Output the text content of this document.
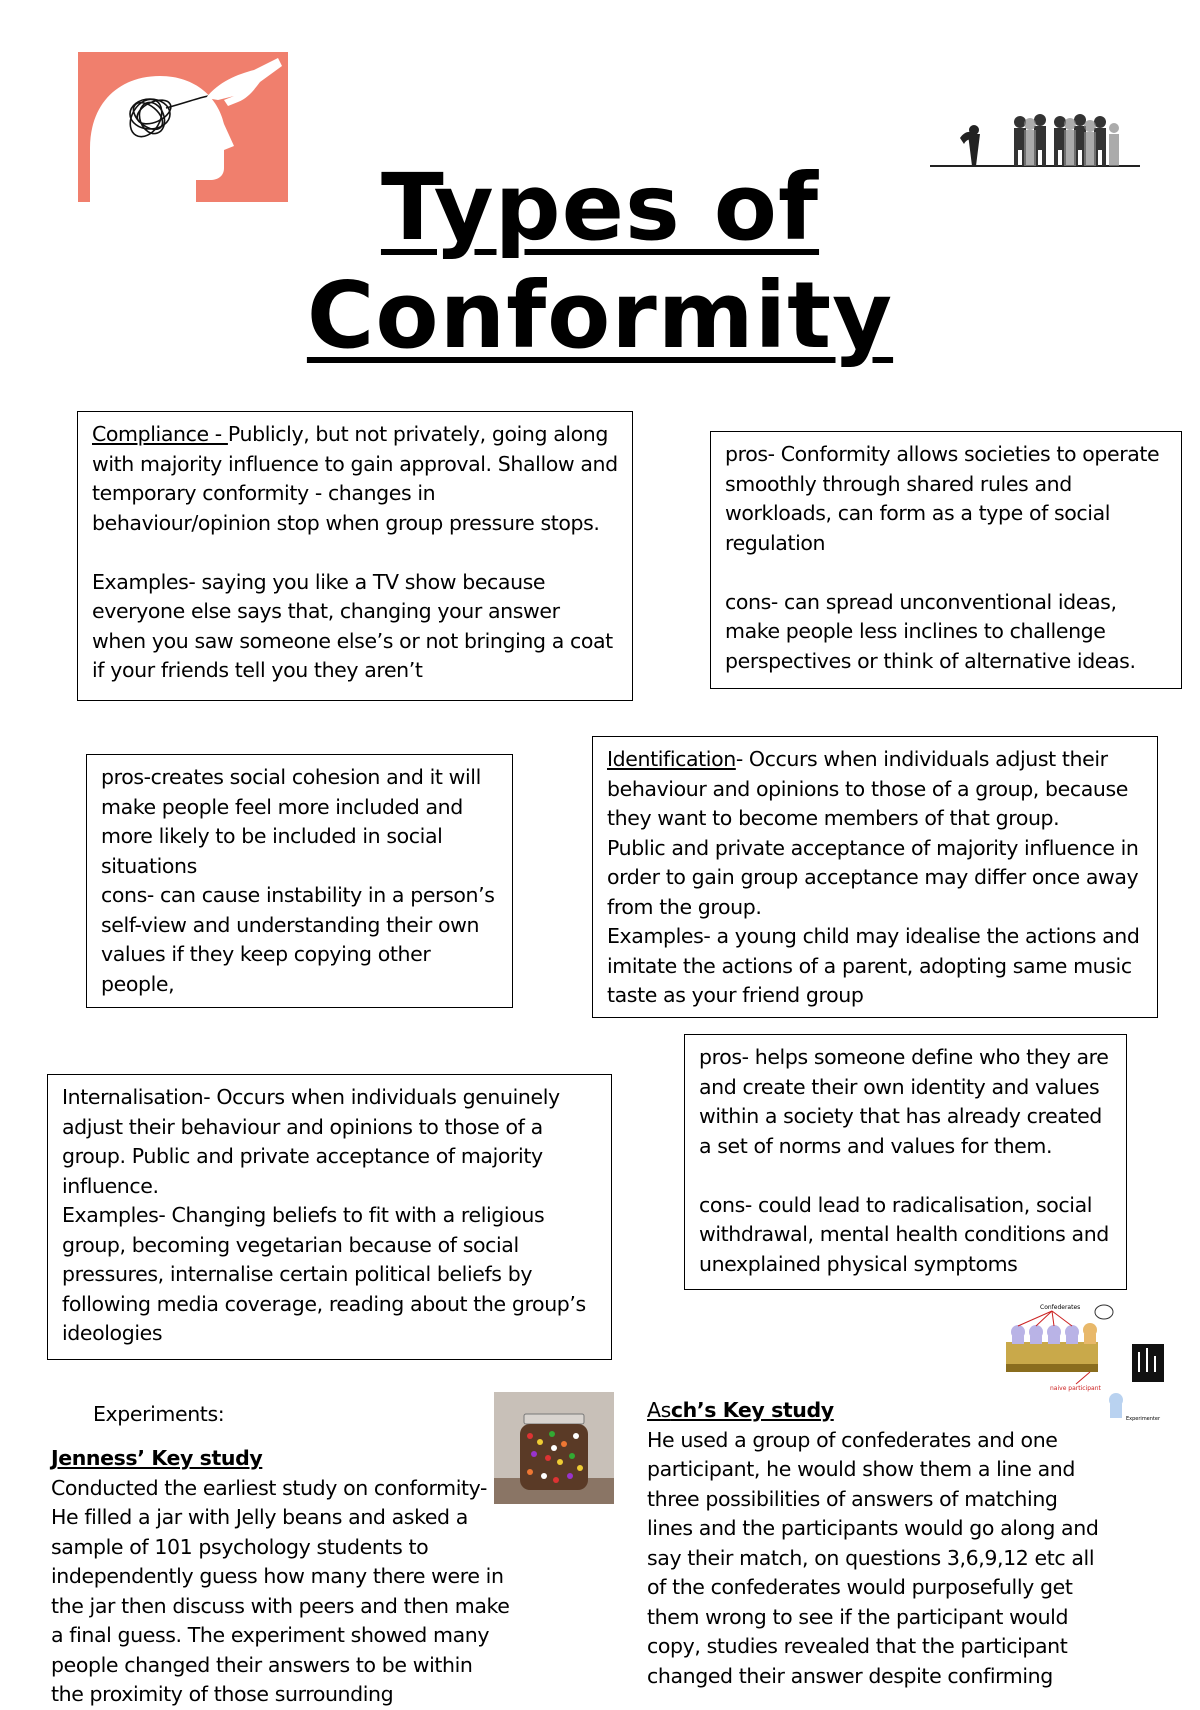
Types of
Conformity

Compliance - Publicly, but not privately, going along with majority influence to gain approval. Shallow and temporary conformity - changes in behaviour/opinion stop when group pressure stops.

Examples- saying you like a TV show because everyone else says that, changing your answer when you saw someone else’s or not bringing a coat if your friends tell you they aren’t

pros- Conformity allows societies to operate smoothly through shared rules and workloads, can form as a type of social regulation

cons- can spread unconventional ideas, make people less inclines to challenge perspectives or think of alternative ideas.

pros-creates social cohesion and it will make people feel more included and more likely to be included in social situations

cons- can cause instability in a person’s self-view and understanding their own values if they keep copying other people,

Identification- Occurs when individuals adjust their behaviour and opinions to those of a group, because they want to become members of that group.

Public and private acceptance of majority influence in order to gain group acceptance may differ once away from the group.

Examples- a young child may idealise the actions and imitate the actions of a parent, adopting same music taste as your friend group

pros- helps someone define who they are and create their own identity and values within a society that has already created a set of norms and values for them.

cons- could lead to radicalisation, social withdrawal, mental health conditions and unexplained physical symptoms

Internalisation- Occurs when individuals genuinely adjust their behaviour and opinions to those of a group. Public and private acceptance of majority influence.

Examples- Changing beliefs to fit with a religious group, becoming vegetarian because of social pressures, internalise certain political beliefs by following media coverage, reading about the group’s ideologies

Confederates
naive participant
Experimenter
Experiments:
Jenness’ Key study
Conducted the earliest study on conformity- He filled a jar with Jelly beans and asked a sample of 101 psychology students to independently guess how many there were in the jar then discuss with peers and then make a final guess. The experiment showed many people changed their answers to be within the proximity of those surrounding
Asch’s Key study
He used a group of confederates and one participant, he would show them a line and three possibilities of answers of matching lines and the participants would go along and say their match, on questions 3,6,9,12 etc all of the confederates would purposefully get them wrong to see if the participant would copy, studies revealed that the participant changed their answer despite confirming
